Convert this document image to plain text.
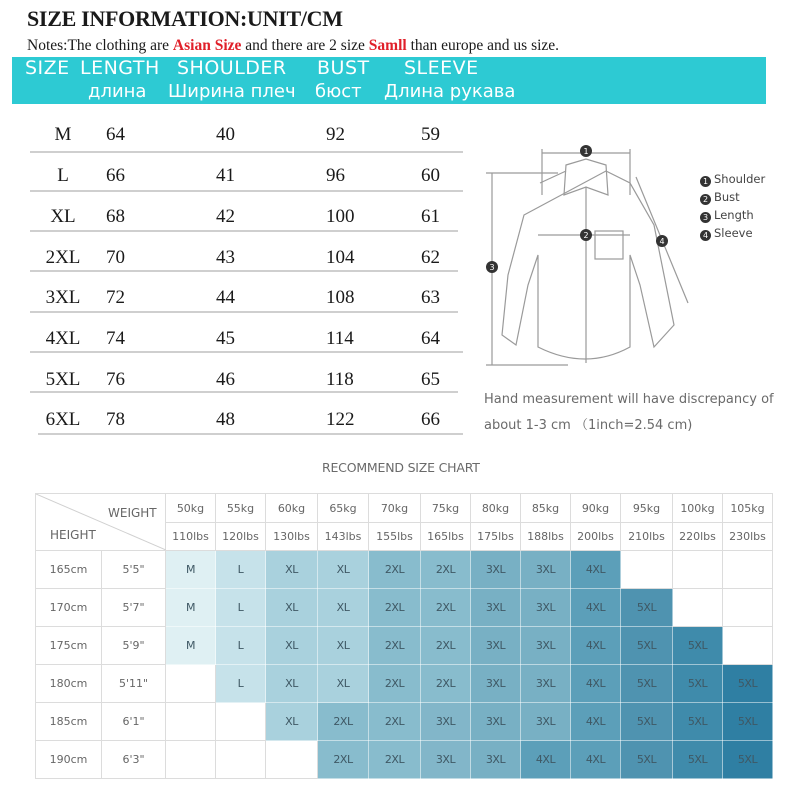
SIZE INFORMATION:UNIT/CM
Notes:The clothing are Asian Size and there are 2 size Samll than europe and us size.
SIZE LENGTH SHOULDER BUST SLEEVE
длина Ширина плеч бюст Длина рукава
M	64	40	92	59
L	66	41	96	60
XL	68	42	100	61
2XL	70	43	104	62
3XL	72	44	108	63
4XL	74	45	114	64
5XL	76	46	118	65
6XL	78	48	122	66
1
2
3
4
1 Shoulder
2 Bust
3 Length
4 Sleeve
Hand measurement will have discrepancy of
about 1-3 cm （1inch=2.54 cm)
RECOMMEND SIZE CHART
WEIGHT
HEIGHT		50kg	55kg	60kg	65kg	70kg	75kg	80kg	85kg	90kg	95kg	100kg	105kg
		110lbs	120lbs	130lbs	143lbs	155lbs	165lbs	175lbs	188lbs	200lbs	210lbs	220lbs	230lbs
165cm	5'5"	M	L	XL	XL	2XL	2XL	3XL	3XL	4XL			
170cm	5'7"	M	L	XL	XL	2XL	2XL	3XL	3XL	4XL	5XL		
175cm	5'9"	M	L	XL	XL	2XL	2XL	3XL	3XL	4XL	5XL	5XL	
180cm	5'11"		L	XL	XL	2XL	2XL	3XL	3XL	4XL	5XL	5XL	5XL
185cm	6'1"			XL	2XL	2XL	3XL	3XL	3XL	4XL	5XL	5XL	5XL
190cm	6'3"				2XL	2XL	3XL	3XL	4XL	4XL	5XL	5XL	5XL
